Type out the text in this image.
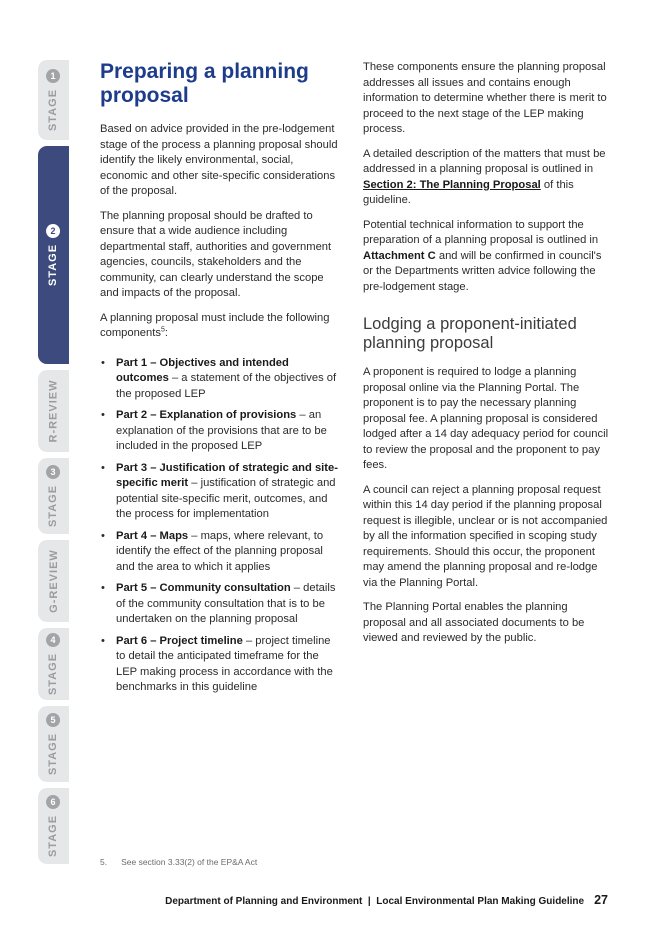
STAGE
1
STAGE
2
R-REVIEW
STAGE
3
G-REVIEW
STAGE
4
STAGE
5
STAGE
6
Preparing a planning proposal

Based on advice provided in the pre-lodgement stage of the process a planning proposal should identify the likely environmental, social, economic and other site-specific considerations of the proposal.

The planning proposal should be drafted to ensure that a wide audience including departmental staff, authorities and government agencies, councils, stakeholders and the community, can clearly understand the scope and impacts of the proposal.

A planning proposal must include the following components$^5$:

• Part 1 – Objectives and intended outcomes – a statement of the objectives of the proposed LEP
• Part 2 – Explanation of provisions – an explanation of the provisions that are to be included in the proposed LEP
• Part 3 – Justification of strategic and site-specific merit – justification of strategic and potential site-specific merit, outcomes, and the process for implementation
• Part 4 – Maps – maps, where relevant, to identify the effect of the planning proposal and the area to which it applies
• Part 5 – Community consultation – details of the community consultation that is to be undertaken on the planning proposal
• Part 6 – Project timeline – project timeline to detail the anticipated timeframe for the LEP making process in accordance with the benchmarks in this guideline

These components ensure the planning proposal addresses all issues and contains enough information to determine whether there is merit to proceed to the next stage of the LEP making process.

A detailed description of the matters that must be addressed in a planning proposal is outlined in Section 2: The Planning Proposal of this guideline.

Potential technical information to support the preparation of a planning proposal is outlined in Attachment C and will be confirmed in council's or the Departments written advice following the pre-lodgement stage.

Lodging a proponent-initiated planning proposal

A proponent is required to lodge a planning proposal online via the Planning Portal. The proponent is to pay the necessary planning proposal fee. A planning proposal is considered lodged after a 14 day adequacy period for council to review the proposal and the proponent to pay fees.

A council can reject a planning proposal request within this 14 day period if the planning proposal request is illegible, unclear or is not accompanied by all the information specified in scoping study requirements. Should this occur, the proponent may amend the planning proposal and re-lodge via the Planning Portal.

The Planning Portal enables the planning proposal and all associated documents to be viewed and reviewed by the public.

5. See section 3.33(2) of the EP&A Act
Department of Planning and Environment  |  Local Environmental Plan Making Guideline 27
